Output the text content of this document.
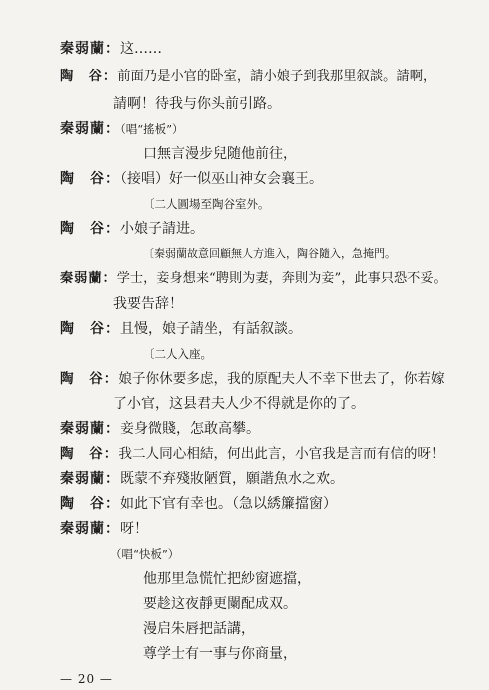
秦弱蘭：这……
陶　谷：前面乃是小官的卧室，請小娘子到我那里叙談。請啊，
請啊！待我与你头前引路。
秦弱蘭：（唱“搖板”）
口無言漫步兒随他前往，
陶　谷：（接唱）好一似巫山神女会襄王。
〔二人圓場至陶谷室外。
陶　谷：小娘子請进。
〔秦弱蘭故意回顧無人方進入，陶谷隨入，急掩門。
秦弱蘭：学士，妾身想来“聘則为妻，奔則为妾”，此事只恐不妥。
我要告辞！
陶　谷：且慢，娘子請坐，有話叙談。
〔二人入座。
陶　谷：娘子你休要多虑，我的原配夫人不幸下世去了，你若嫁
了小官，这县君夫人少不得就是你的了。
秦弱蘭：妾身微賤，怎敢高攀。
陶　谷：我二人同心相結，何出此言，小官我是言而有信的呀！
秦弱蘭：既蒙不弃殘妝陋質，願諧魚水之欢。
陶　谷：如此下官有幸也。（急以綉簾擋窗）
秦弱蘭：呀！
（唱“快板”）
他那里急慌忙把紗窗遮擋，
要趁这夜靜更闌配成双。
漫启朱唇把話講，
尊学士有一事与你商量，
— 20 —
